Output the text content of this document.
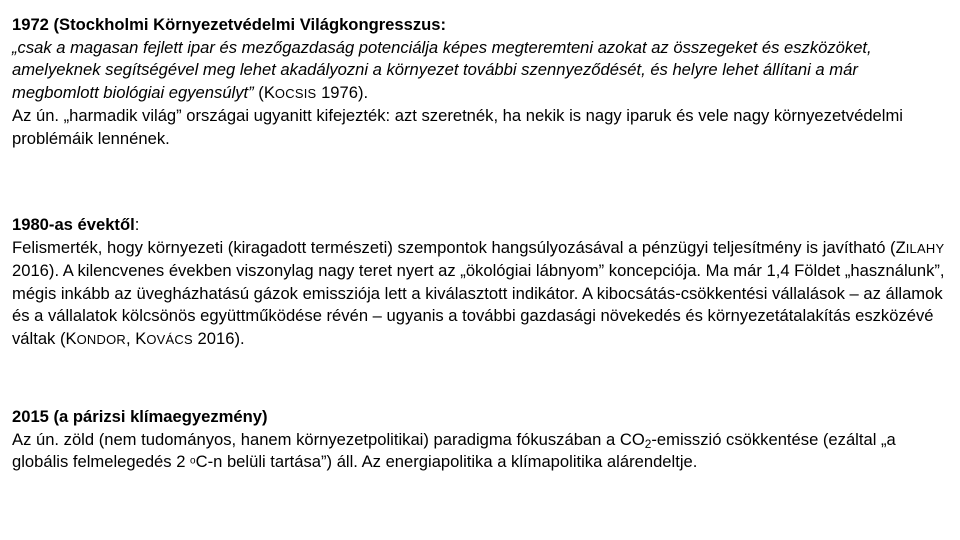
1972 (Stockholmi Környezetvédelmi Világkongresszus:

„csak a magasan fejlett ipar és mezőgazdaság potenciálja képes megteremteni azokat az összegeket és eszközöket, amelyeknek segítségével meg lehet akadályozni a környezet további szennyeződését, és helyre lehet állítani a már megbomlott biológiai egyensúlyt” (KOCSIS 1976).

Az ún. „harmadik világ” országai ugyanitt kifejezték: azt szeretnék, ha nekik is nagy iparuk és vele nagy környezetvédelmi problémáik lennének.

1980-as évektől:

Felismerték, hogy környezeti (kiragadott természeti) szempontok hangsúlyozásával a pénzügyi teljesítmény is javítható (ZILAHY 2016). A kilencvenes években viszonylag nagy teret nyert az „ökológiai lábnyom” koncepciója. Ma már 1,4 Földet „használunk”, mégis inkább az üvegházhatású gázok emissziója lett a kiválasztott indikátor. A kibocsátás-csökkentési vállalások – az államok és a vállalatok kölcsönös együttműködése révén – ugyanis a további gazdasági növekedés és környezetátalakítás eszközévé váltak (KONDOR, KOVÁCS 2016).

2015 (a párizsi klímaegyezmény)

Az ún. zöld (nem tudományos, hanem környezetpolitikai) paradigma fókuszában a $CO_2$-emisszió csökkentése (ezáltal „a globális felmelegedés 2 $^o$C-n belüli tartása”) áll. Az energiapolitika a klímapolitika alárendeltje.
